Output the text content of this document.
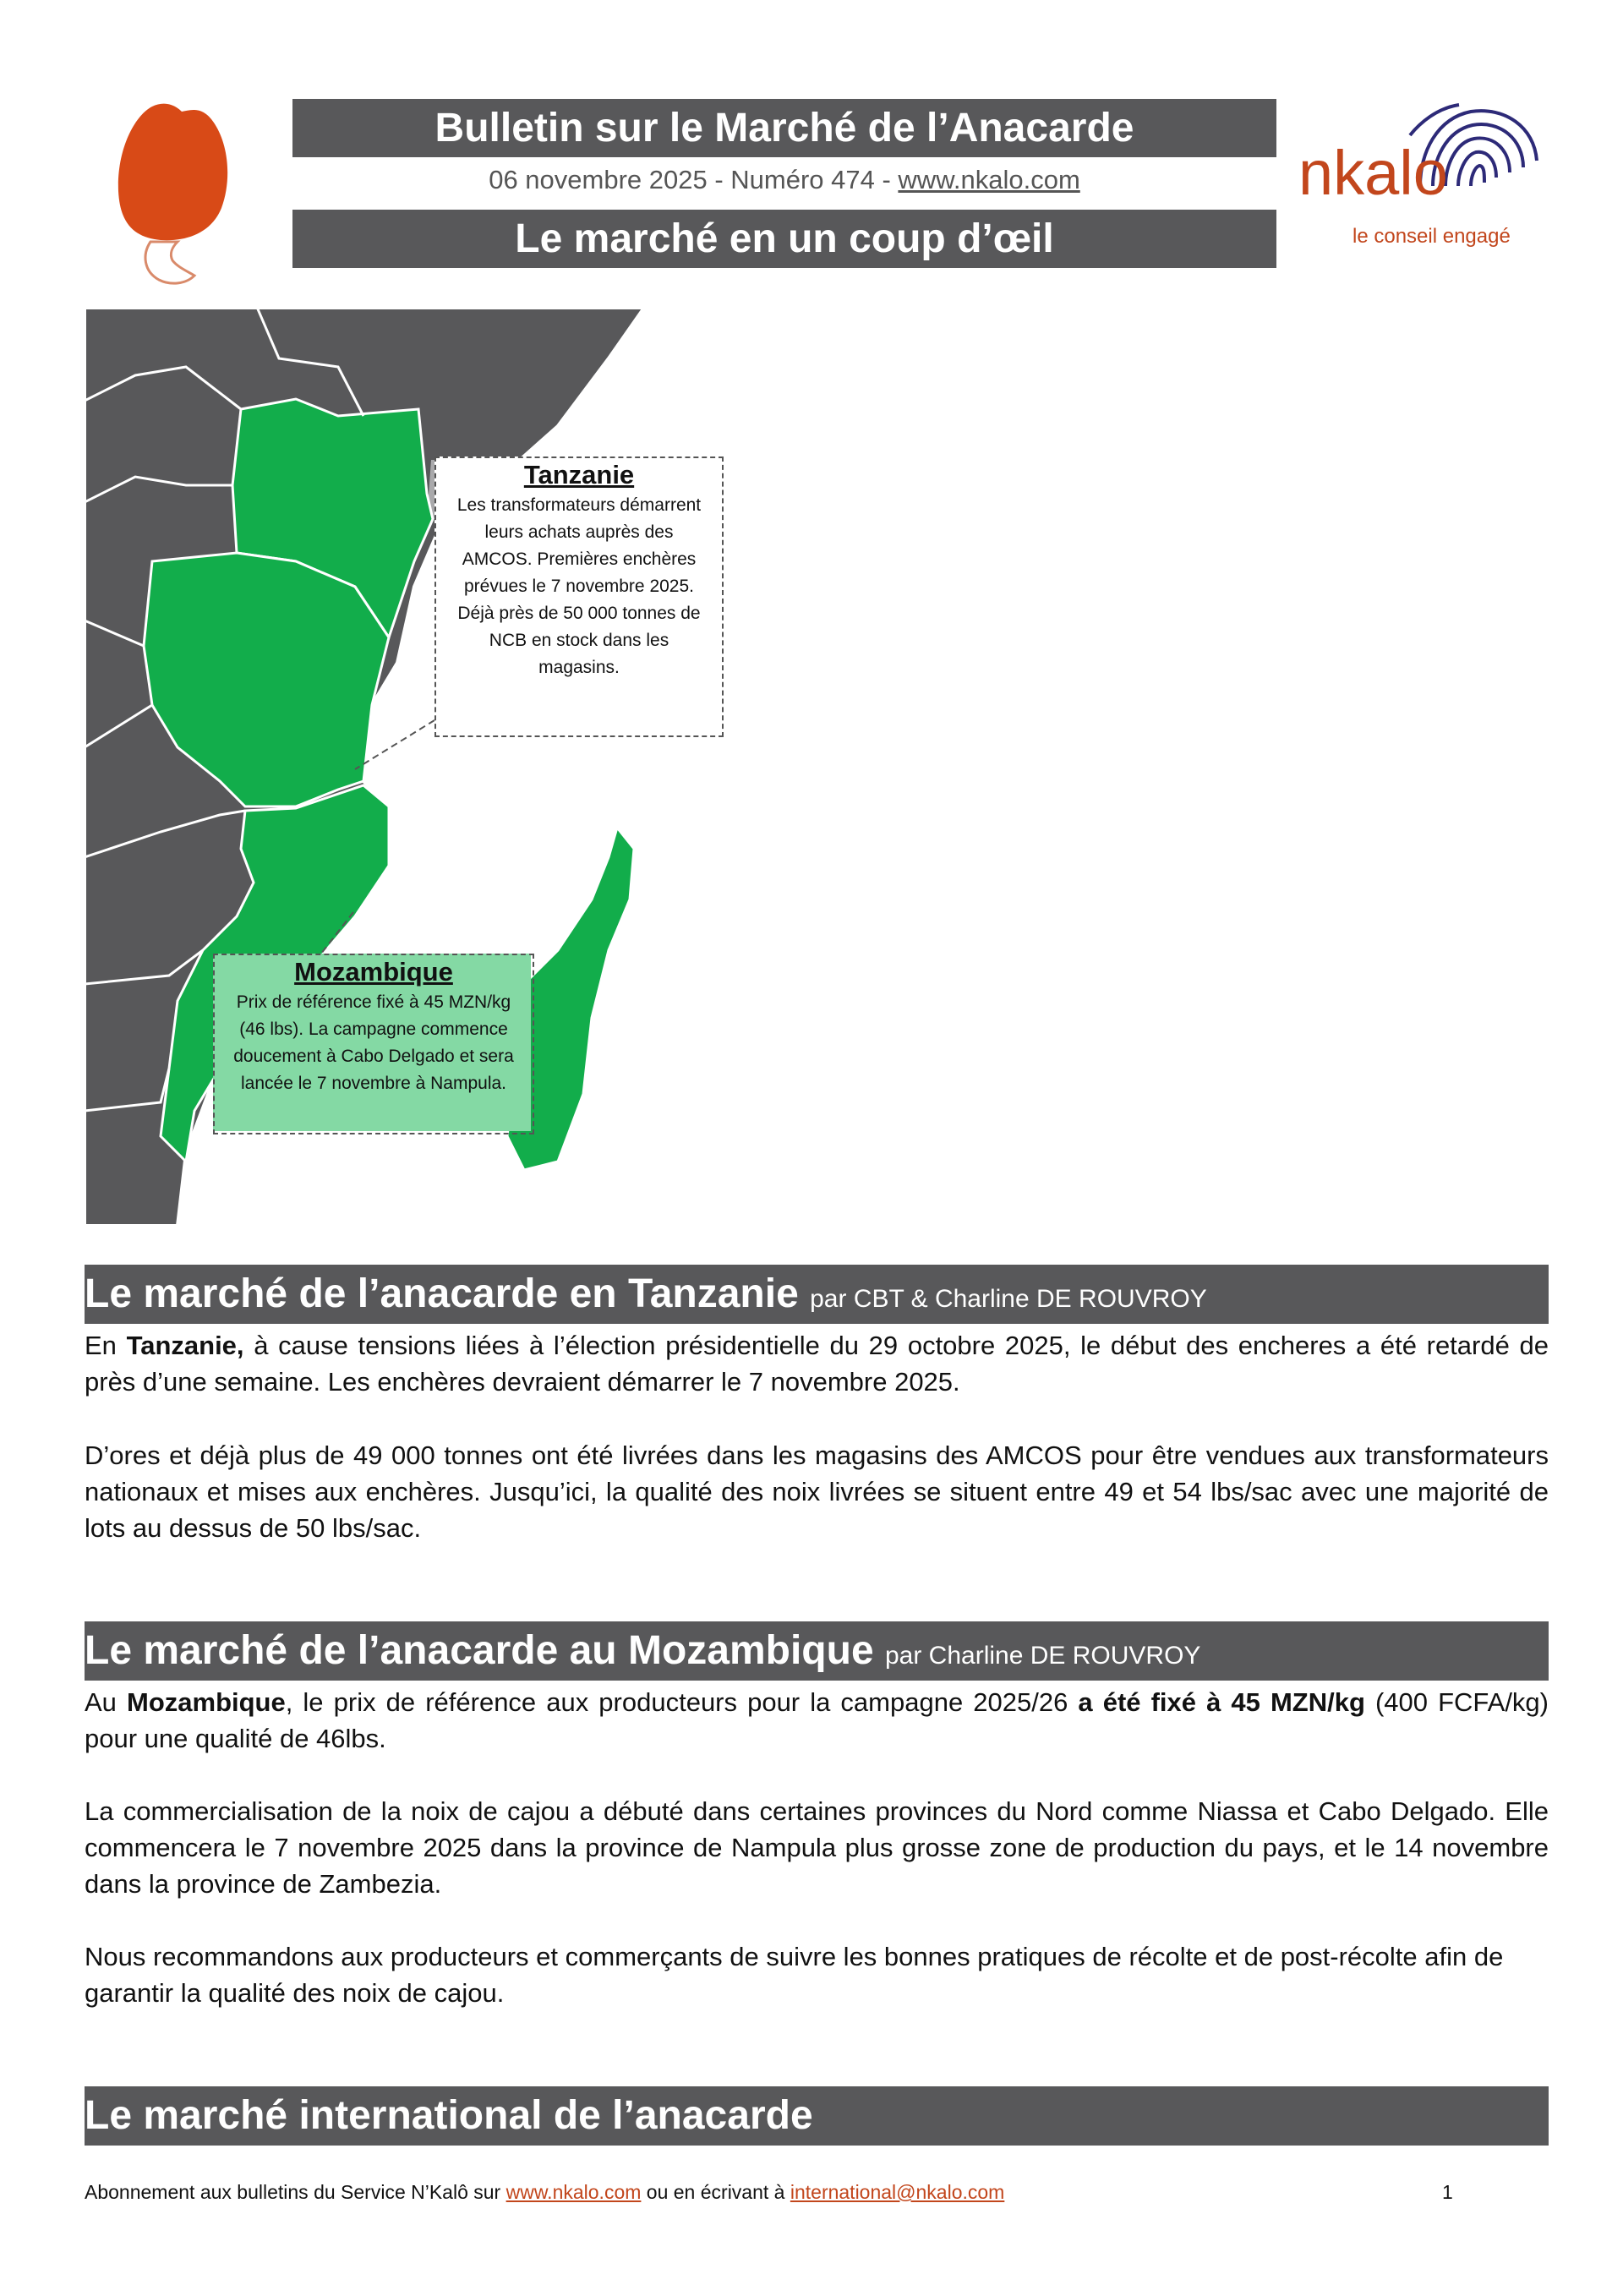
Bulletin sur le Marché de l’Anacarde
06 novembre 2025 - Numéro 474 - www.nkalo.com
Le marché en un coup d’œil
nkalo
le conseil engagé
Tanzanie
Les transformateurs démarrent
leurs achats auprès des
AMCOS. Premières enchères
prévues le 7 novembre 2025.
Déjà près de 50 000 tonnes de
NCB en stock dans les
magasins.
Mozambique
Prix de référence fixé à 45 MZN/kg
(46 lbs). La campagne commence
doucement à Cabo Delgado et sera
lancée le 7 novembre à Nampula.
Le marché de l’anacarde en Tanzanie par CBT & Charline DE ROUVROY
En Tanzanie, à cause tensions liées à l’élection présidentielle du 29 octobre 2025, le début des encheres a été retardé de près d’une semaine. Les enchères devraient démarrer le 7 novembre 2025.
D’ores et déjà plus de 49 000 tonnes ont été livrées dans les magasins des AMCOS pour être vendues aux transformateurs nationaux et mises aux enchères. Jusqu’ici, la qualité des noix livrées se situent entre 49 et 54 lbs/sac avec une majorité de lots au dessus de 50 lbs/sac.
Le marché de l’anacarde au Mozambique par Charline DE ROUVROY
Au Mozambique, le prix de référence aux producteurs pour la campagne 2025/26 a été fixé à 45 MZN/kg (400 FCFA/kg) pour une qualité de 46lbs.
La commercialisation de la noix de cajou a débuté dans certaines provinces du Nord comme Niassa et Cabo Delgado. Elle commencera le 7 novembre 2025 dans la province de Nampula plus grosse zone de production du pays, et le 14 novembre dans la province de Zambezia.
Nous recommandons aux producteurs et commerçants de suivre les bonnes pratiques de récolte et de post-récolte afin de garantir la qualité des noix de cajou.
Le marché international de l’anacarde
Abonnement aux bulletins du Service N’Kalô sur www.nkalo.com ou en écrivant à international@nkalo.com	1
